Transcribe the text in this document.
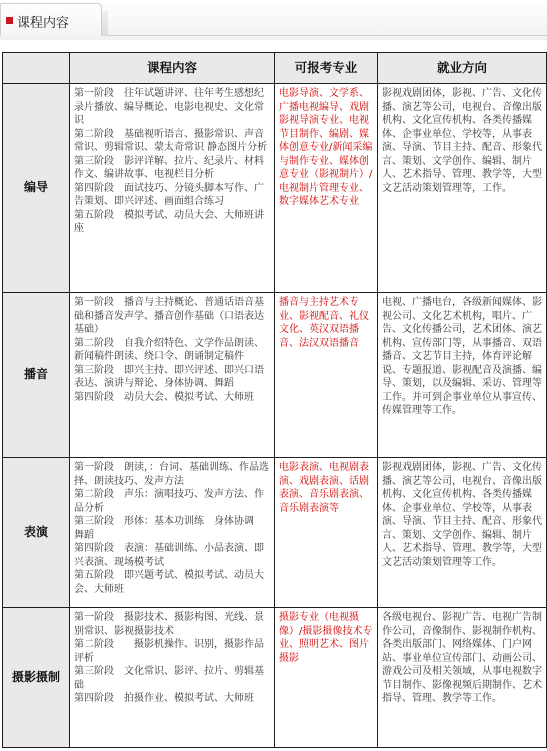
课程内容
	课程内容	可报考专业	就业方向
编导	第一阶段　往年试题讲评、往年考生感想纪录片播放、编导概论、电影电视史、文化常识
第二阶段　基础视听语言、摄影常识、声音常识、剪辑常识、蒙太奇常识 静态图片分析
第三阶段　影评详解、拉片、纪录片、材料作文、编讲故事、电视栏目分析
第四阶段　面试技巧、分镜头脚本写作、广告策划、即兴评述、画面组合练习
第五阶段　模拟考试、动员大会、大师班讲座	电影导演、文学系、广播电视编导、戏剧影视导演专业、电视节目制作、编剧、媒体创意专业/新闻采编与制作专业、媒体创意专业（影视制片）/电视制片管理专业、数字媒体艺术专业	影视戏剧团体，影视、广告、文化传播、演艺等公司，电视台、音像出版机构、文化宣传机构、各类传播媒体、企事业单位、学校等，从事表演、导演、节目主持、配音、形象代言、策划、文学创作、编辑、制片人、艺术指导、管理、教学等，大型文艺活动策划管理等，工作。
播音	第一阶段　播音与主持概论、普通话语音基础和播音发声学、播音创作基础（口语表达基础）
第二阶段　自我介绍特色、文学作品朗读、新闻稿件朗读、绕口令、朗诵制定稿件
第三阶段　即兴主持、即兴评述、即兴口语表达、演讲与辩论、身体协调、舞蹈
第四阶段　动员大会、模拟考试、大师班	播音与主持艺术专业、影视配音、礼仪文化、英汉双语播音、法汉双语播音	电视、广播电台，各级新闻媒体、影视公司、文化艺术机构，唱片、广告、文化传播公司，艺术团体、演艺机构、宣传部门等，从事播音、双语播音、文艺节目主持，体育评论解说、专题报道、影视配音及演播、编导、策划，以及编辑、采访、管理等工作。并可到企事业单位从事宣传、传媒管理等工作。
表演	第一阶段　朗读，：台词、基础训练、作品选择、朗读技巧、发声方法
第二阶段　声乐：演唱技巧、发声方法、作品分析
第三阶段　形体：基本功训练　身体协调　舞蹈
第四阶段　表演：基础训练、小品表演、即兴表演、现场模考试
第五阶段　即兴题考试、模拟考试、动员大会、大师班	电影表演、电视剧表演、戏剧表演、话剧表演、音乐剧表演、音乐剧表演等	影视戏剧团体，影视、广告、文化传播、演艺等公司，电视台、音像出版机构、文化宣传机构、各类传播媒体、企事业单位、学校等，从事表演、导演、节目主持、配音、形象代言、策划、文学创作、编辑、制片人、艺术指导、管理、教学等，大型文艺活动策划管理等工作。
摄影摄制	第一阶段　摄影技术、摄影构图、光线、景别常识、影视摄影技术
第二阶段　　摄影机操作、识别，摄影作品评析
第三阶段　文化常识、影评、拉片、剪辑基础
第四阶段　拍摄作业、模拟考试、大师班	摄影专业（电视摄像）/摄影摄像技术专业、照明艺术、图片摄影	各级电视台、影视广告、电视广告制作公司，音像制作、影视制作机构、各类出版部门、网络媒体、门户网站、事业单位宣传部门、动画公司、游戏公司及相关领域，从事电视数字节目制作、影像视频后期制作、艺术指导、管理、教学等工作。
